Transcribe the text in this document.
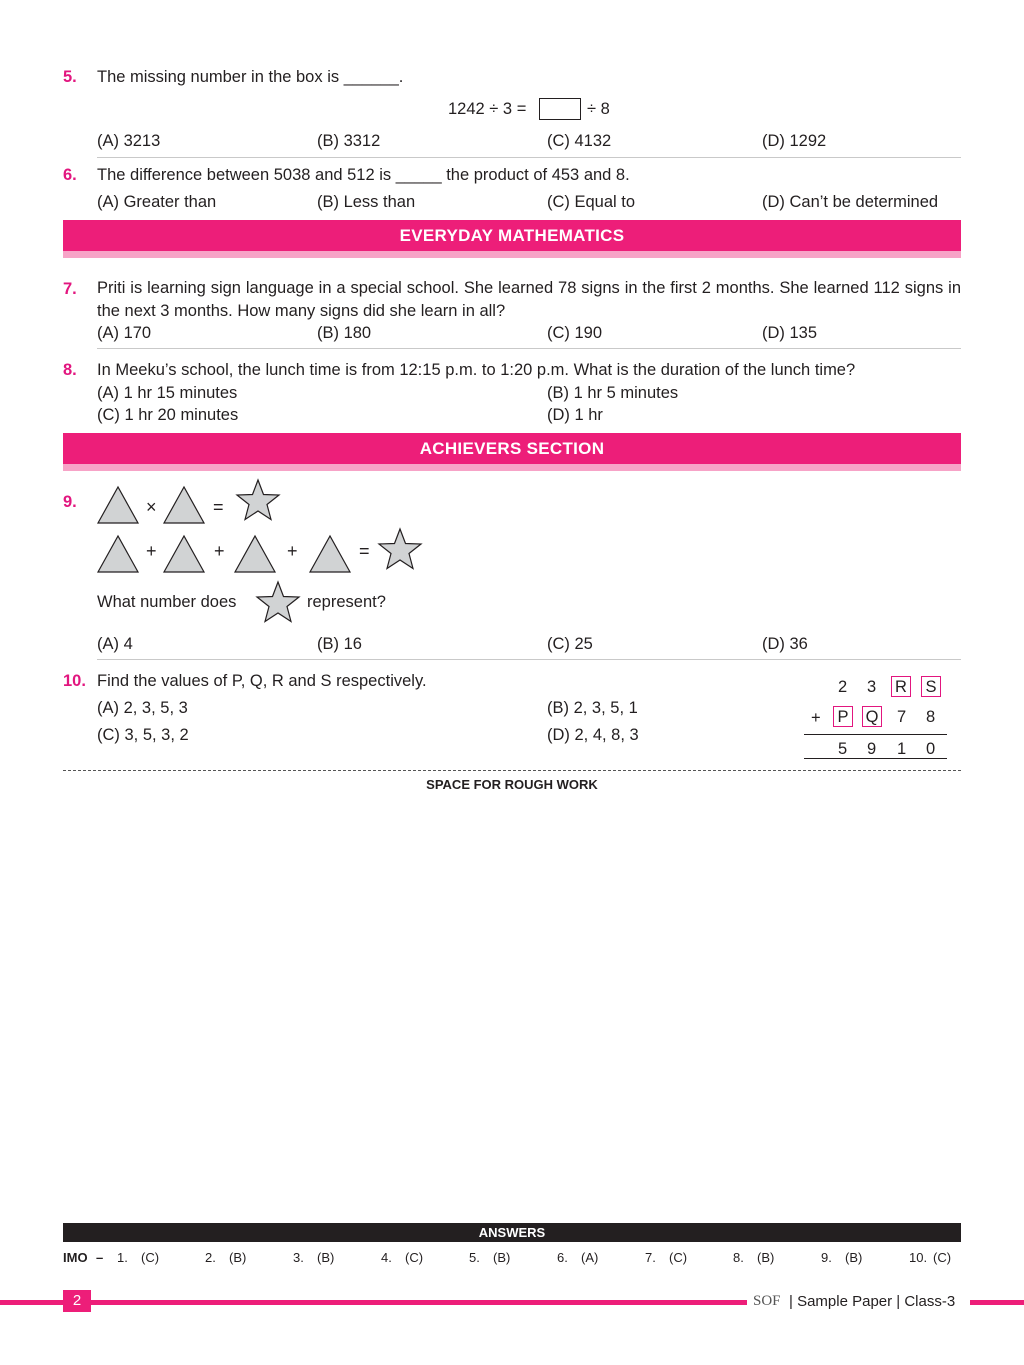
5. The missing number in the box is ______.
1242 ÷ 3 =	÷ 8
(A) 3213	(B) 3312	(C) 4132	(D) 1292
6. The difference between 5038 and 512 is _____ the product of 453 and 8.
(A) Greater than	(B) Less than	(C) Equal to	(D) Can’t be determined
EVERYDAY MATHEMATICS
7. Priti is learning sign language in a special school. She learned 78 signs in the first 2 months. She learned 112 signs in the next 3 months. How many signs did she learn in all?
(A) 170	(B) 180	(C) 190	(D) 135
8. In Meeku’s school, the lunch time is from 12:15 p.m. to 1:20 p.m. What is the duration of the lunch time?
(A) 1 hr 15 minutes	(B) 1 hr 5 minutes
(C) 1 hr 20 minutes	(D) 1 hr
ACHIEVERS SECTION
9.	×	=
+	+	+	=
What number does	represent?
(A) 4	(B) 16	(C) 25	(D) 36
10. Find the values of P, Q, R and S respectively.
(A) 2, 3, 5, 3	(B) 2, 3, 5, 1
(C) 3, 5, 3, 2	(D) 2, 4, 8, 3
2 3 R S
+ P Q 7 8
5 9 1 0
SPACE FOR ROUGH WORK
ANSWERS
IMO – 1. (C)	2. (B)	3. (B)	4. (C)	5. (B)	6. (A)	7. (C)	8. (B)	9. (B)	10. (C)
2	SOF | Sample Paper | Class-3
